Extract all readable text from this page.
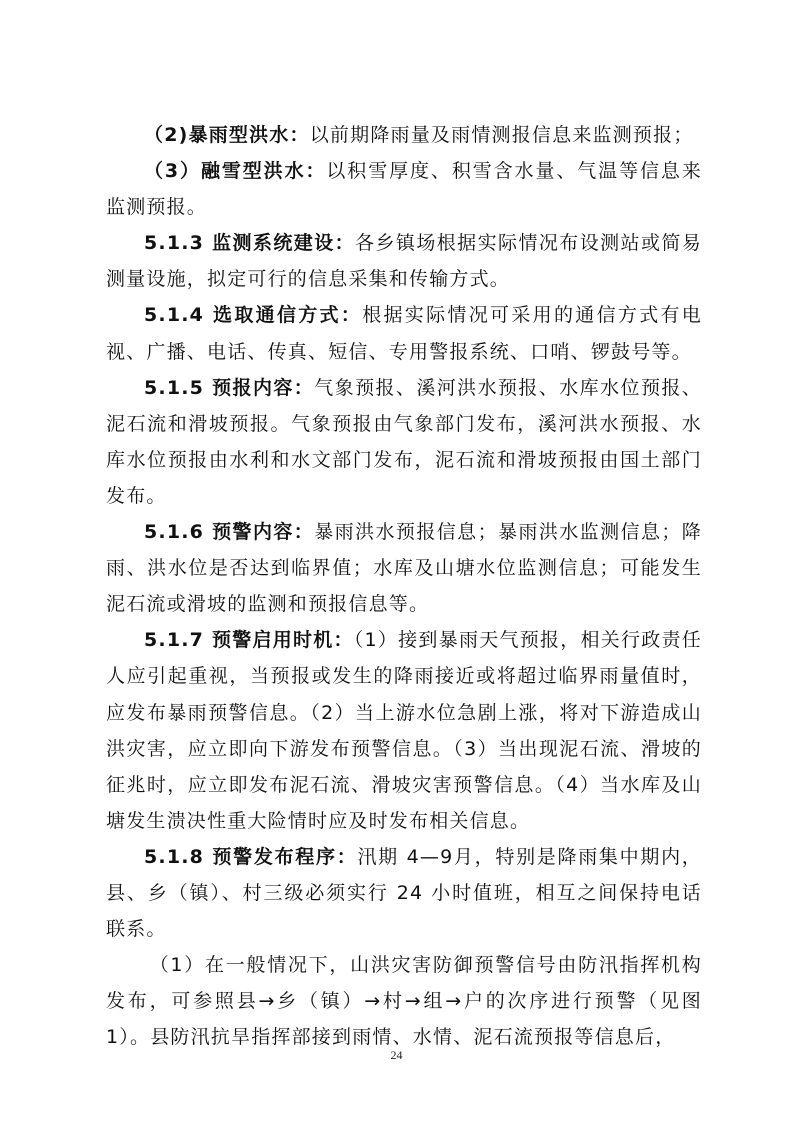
（2)暴雨型洪水：以前期降雨量及雨情测报信息来监测预报；

（3）融雪型洪水：以积雪厚度、积雪含水量、气温等信息来监测预报。

5.1.3 监测系统建设：各乡镇场根据实际情况布设测站或简易测量设施，拟定可行的信息采集和传输方式。

5.1.4 选取通信方式：根据实际情况可采用的通信方式有电视、广播、电话、传真、短信、专用警报系统、口哨、锣鼓号等。

5.1.5 预报内容：气象预报、溪河洪水预报、水库水位预报、泥石流和滑坡预报。气象预报由气象部门发布，溪河洪水预报、水库水位预报由水利和水文部门发布，泥石流和滑坡预报由国土部门发布。

5.1.6 预警内容：暴雨洪水预报信息；暴雨洪水监测信息；降雨、洪水位是否达到临界值；水库及山塘水位监测信息；可能发生泥石流或滑坡的监测和预报信息等。

5.1.7 预警启用时机：（1）接到暴雨天气预报，相关行政责任人应引起重视，当预报或发生的降雨接近或将超过临界雨量值时，应发布暴雨预警信息。（2）当上游水位急剧上涨，将对下游造成山洪灾害，应立即向下游发布预警信息。（3）当出现泥石流、滑坡的征兆时，应立即发布泥石流、滑坡灾害预警信息。（4）当水库及山塘发生溃决性重大险情时应及时发布相关信息。

5.1.8 预警发布程序：汛期 4—9月，特别是降雨集中期内，县、乡（镇）、村三级必须实行 24 小时值班，相互之间保持电话联系。

（1）在一般情况下，山洪灾害防御预警信号由防汛指挥机构发布，可参照县→乡（镇）→村→组→户的次序进行预警（见图1）。县防汛抗旱指挥部接到雨情、水情、泥石流预报等信息后，

24
